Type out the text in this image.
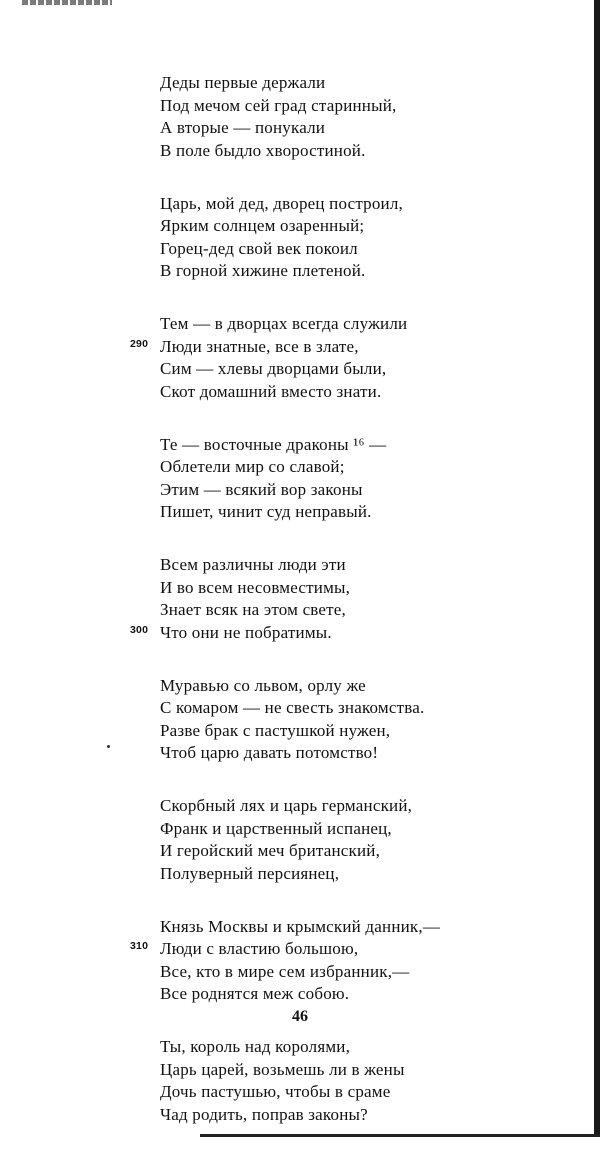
Деды первые держали
Под мечом сей град старинный,
А вторые — понукали
В поле быдло хворостиной.
Царь, мой дед, дворец построил,
Ярким солнцем озаренный;
Горец-дед свой век покоил
В горной хижине плетеной.
Тем — в дворцах всегда служили
290 Люди знатные, все в злате,
Сим — хлевы дворцами были,
Скот домашний вместо знати.
Те — восточные драконы ¹⁶ —
Облетели мир со славой;
Этим — всякий вор законы
Пишет, чинит суд неправый.
Всем различны люди эти
И во всем несовместимы,
Знает всяк на этом свете,
300 Что они не побратимы.
Муравью со львом, орлу же
С комаром — не свесть знакомства.
Разве брак с пастушкой нужен,
Чтоб царю давать потомство!
Скорбный лях и царь германский,
Франк и царственный испанец,
И геройский меч британский,
Полуверный персиянец,
Князь Москвы и крымский данник,—
310 Люди с властию большою,
Все, кто в мире сем избранник,—
Все роднятся меж собою.
Ты, король над королями,
Царь царей, возьмешь ли в жены
Дочь пастушью, чтобы в сраме
Чад родить, поправ законы?
46
